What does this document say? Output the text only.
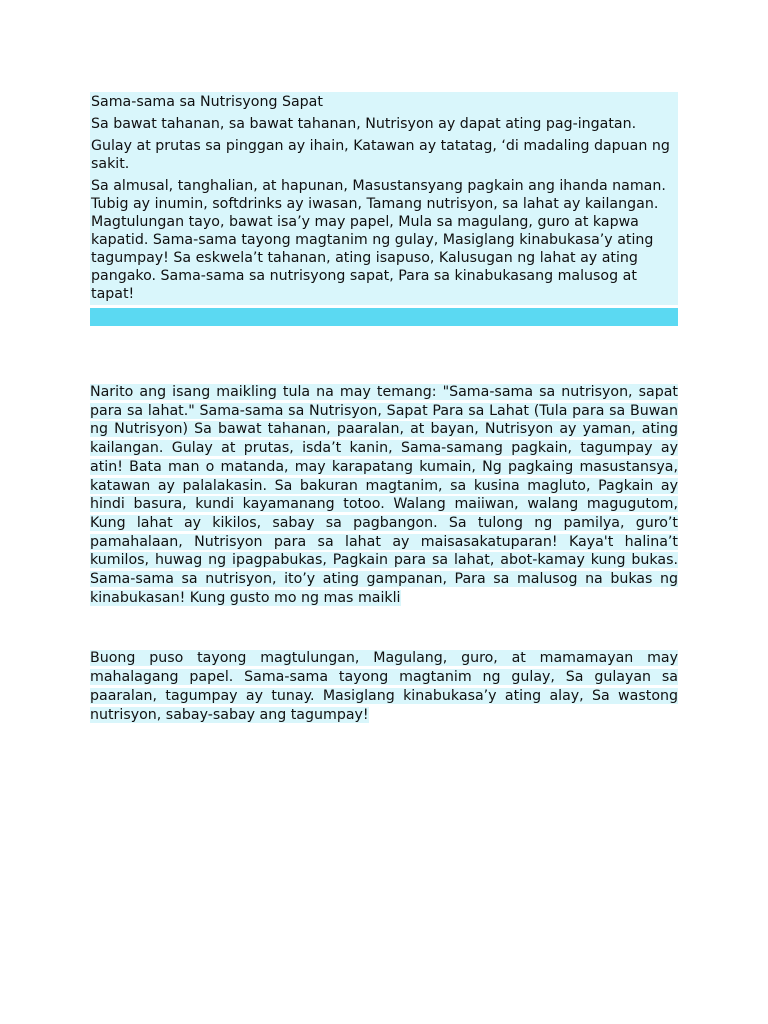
Sama-sama sa Nutrisyong Sapat

Sa bawat tahanan, sa bawat tahanan, Nutrisyon ay dapat ating pag-ingatan.

Gulay at prutas sa pinggan ay ihain, Katawan ay tatatag, ‘di madaling dapuan ng sakit.

Sa almusal, tanghalian, at hapunan, Masustansyang pagkain ang ihanda naman. Tubig ay inumin, softdrinks ay iwasan, Tamang nutrisyon, sa lahat ay kailangan. Magtulungan tayo, bawat isa’y may papel, Mula sa magulang, guro at kapwa kapatid. Sama-sama tayong magtanim ng gulay, Masiglang kinabukasa’y ating tagumpay! Sa eskwela’t tahanan, ating isapuso, Kalusugan ng lahat ay ating pangako. Sama-sama sa nutrisyong sapat, Para sa kinabukasang malusog at tapat!

Narito ang isang maikling tula na may temang: "Sama-sama sa nutrisyon, sapat para sa lahat." Sama-sama sa Nutrisyon, Sapat Para sa Lahat (Tula para sa Buwan ng Nutrisyon) Sa bawat tahanan, paaralan, at bayan, Nutrisyon ay yaman, ating kailangan. Gulay at prutas, isda’t kanin, Sama-samang pagkain, tagumpay ay atin! Bata man o matanda, may karapatang kumain, Ng pagkaing masustansya, katawan ay palalakasin. Sa bakuran magtanim, sa kusina magluto, Pagkain ay hindi basura, kundi kayamanang totoo. Walang maiiwan, walang magugutom, Kung lahat ay kikilos, sabay sa pagbangon. Sa tulong ng pamilya, guro’t pamahalaan, Nutrisyon para sa lahat ay maisasakatuparan! Kaya't halina’t kumilos, huwag ng ipagpabukas, Pagkain para sa lahat, abot-kamay kung bukas. Sama-sama sa nutrisyon, ito’y ating gampanan, Para sa malusog na bukas ng kinabukasan! Kung gusto mo ng mas maikli
Buong puso tayong magtulungan, Magulang, guro, at mamamayan may mahalagang papel. Sama-sama tayong magtanim ng gulay, Sa gulayan sa paaralan, tagumpay ay tunay. Masiglang kinabukasa’y ating alay, Sa wastong nutrisyon, sabay-sabay ang tagumpay!
